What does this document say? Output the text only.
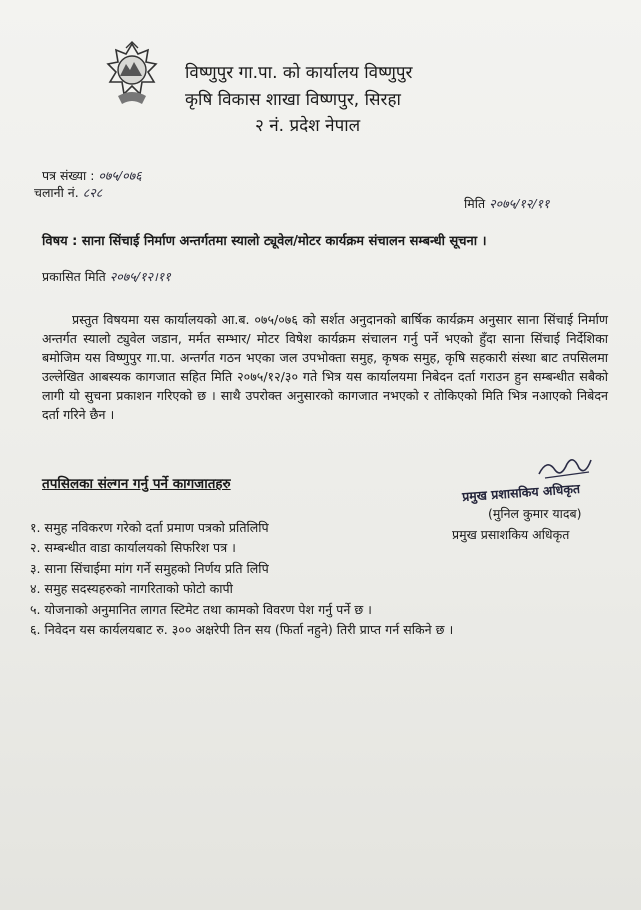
विष्णुपुर गा.पा. को कार्यालय विष्णुपुर
कृषि विकास शाखा विष्णपुर, सिरहा
२ नं. प्रदेश नेपाल
पत्र संख्या : ०७५/०७६
चलानी नं. ८२८
मिति २०७५/१२/११
विषय : साना सिंचाई निर्माण अन्तर्गतमा स्यालो ट्यूवेल/मोटर कार्यक्रम संचालन सम्बन्धी सूचना ।
प्रकासित मिति २०७५/१२।११

प्रस्तुत विषयमा यस कार्यालयको आ.ब. ०७५/०७६ को सर्शत अनुदानको बार्षिक कार्यक्रम अनुसार साना सिंचाई निर्माण अन्तर्गत स्यालो ट्युवेल जडान, मर्मत सम्भार/ मोटर विषेश कार्यक्रम संचालन गर्नु पर्ने भएको हुँदा साना सिंचाई निर्देशिका बमोजिम यस विष्णुपुर गा.पा. अन्तर्गत गठन भएका जल उपभोक्ता समुह, कृषक समुह, कृषि सहकारी संस्था बाट तपसिलमा उल्लेखित आबस्यक कागजात सहित मिति २०७५/१२/३० गते भित्र यस कार्यालयमा निबेदन दर्ता गराउन हुन सम्बन्धीत सबैको लागी यो सुचना प्रकाशन गरिएको छ । साथै उपरोक्त अनुसारको कागजात नभएको र तोकिएको मिति भित्र नआएको निबेदन दर्ता गरिने छैन ।

तपसिलका संल्गन गर्नु पर्ने कागजातहरु	प्रमुख प्रशासकिय अधिकृत
(मुनिल कुमार यादब)
प्रमुख प्रसाशकिय अधिकृत
१. समुह नविकरण गरेको दर्ता प्रमाण पत्रको प्रतिलिपि
२. सम्बन्धीत वाडा कार्यालयको सिफरिश पत्र ।
३. साना सिंचाईमा मांग गर्ने समुहको निर्णय प्रति लिपि
४. समुह सदस्यहरुको नागरिताको फोटो कापी
५. योजनाको अनुमानित लागत स्टिमेट तथा कामको विवरण पेश गर्नु पर्ने छ ।
६. निवेदन यस कार्यलयबाट रु. ३०० अक्षरेपी तिन सय (फिर्ता नहुने) तिरी प्राप्त गर्न सकिने छ ।
